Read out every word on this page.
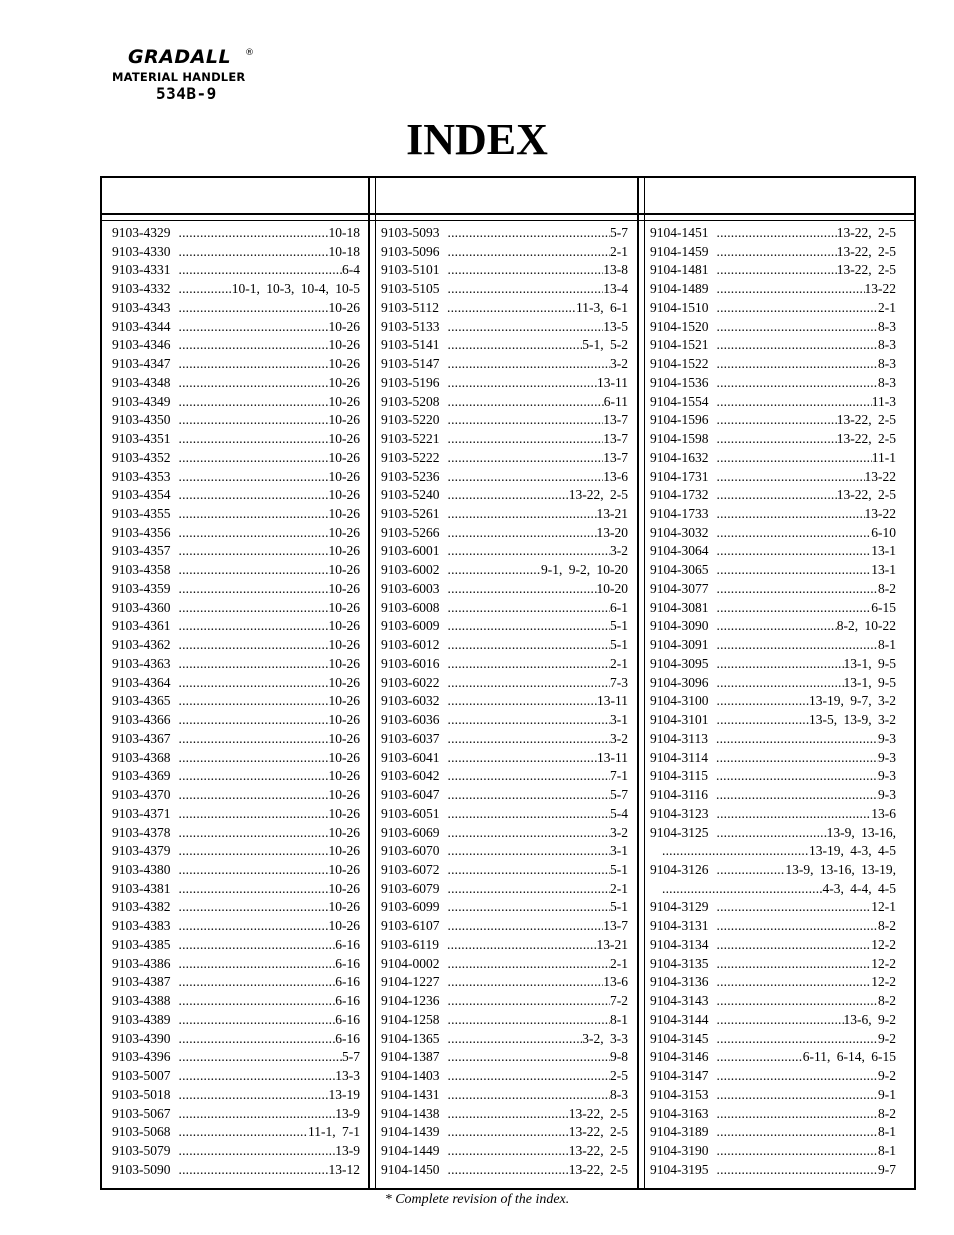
GRADALL ®
MATERIAL HANDLER
534B-9
INDEX
9103-4329 .....	10-18
9103-4330 .....	10-18
9103-4331 .....	6-4
9103-4332 .....	10-1, 10-3, 10-4, 10-5
9103-4343 .....	10-26
9103-4344 .....	10-26
9103-4346 .....	10-26
9103-4347 .....	10-26
9103-4348 .....	10-26
9103-4349 .....	10-26
9103-4350 .....	10-26
9103-4351 .....	10-26
9103-4352 .....	10-26
9103-4353 .....	10-26
9103-4354 .....	10-26
9103-4355 .....	10-26
9103-4356 .....	10-26
9103-4357 .....	10-26
9103-4358 .....	10-26
9103-4359 .....	10-26
9103-4360 .....	10-26
9103-4361 .....	10-26
9103-4362 .....	10-26
9103-4363 .....	10-26
9103-4364 .....	10-26
9103-4365 .....	10-26
9103-4366 .....	10-26
9103-4367 .....	10-26
9103-4368 .....	10-26
9103-4369 .....	10-26
9103-4370 .....	10-26
9103-4371 .....	10-26
9103-4378 .....	10-26
9103-4379 .....	10-26
9103-4380 .....	10-26
9103-4381 .....	10-26
9103-4382 .....	10-26
9103-4383 .....	10-26
9103-4385 .....	6-16
9103-4386 .....	6-16
9103-4387 .....	6-16
9103-4388 .....	6-16
9103-4389 .....	6-16
9103-4390 .....	6-16
9103-4396 .....	5-7
9103-5007 .....	13-3
9103-5018 .....	13-19
9103-5067 .....	13-9
9103-5068 .....	11-1, 7-1
9103-5079 .....	13-9
9103-5090 .....	13-12
9103-5093 .....	5-7
9103-5096 .....	2-1
9103-5101 .....	13-8
9103-5105 .....	13-4
9103-5112 .....	11-3, 6-1
9103-5133 .....	13-5
9103-5141 .....	5-1, 5-2
9103-5147 .....	3-2
9103-5196 .....	13-11
9103-5208 .....	6-11
9103-5220 .....	13-7
9103-5221 .....	13-7
9103-5222 .....	13-7
9103-5236 .....	13-6
9103-5240 .....	13-22, 2-5
9103-5261 .....	13-21
9103-5266 .....	13-20
9103-6001 .....	3-2
9103-6002 .....	9-1, 9-2, 10-20
9103-6003 .....	10-20
9103-6008 .....	6-1
9103-6009 .....	5-1
9103-6012 .....	5-1
9103-6016 .....	2-1
9103-6022 .....	7-3
9103-6032 .....	13-11
9103-6036 .....	3-1
9103-6037 .....	3-2
9103-6041 .....	13-11
9103-6042 .....	7-1
9103-6047 .....	5-7
9103-6051 .....	5-4
9103-6069 .....	3-2
9103-6070 .....	3-1
9103-6072 .....	5-1
9103-6079 .....	2-1
9103-6099 .....	5-1
9103-6107 .....	13-7
9103-6119 .....	13-21
9104-0002 .....	2-1
9104-1227 .....	13-6
9104-1236 .....	7-2
9104-1258 .....	8-1
9104-1365 .....	3-2, 3-3
9104-1387 .....	9-8
9104-1403 .....	2-5
9104-1431 .....	8-3
9104-1438 .....	13-22, 2-5
9104-1439 .....	13-22, 2-5
9104-1449 .....	13-22, 2-5
9104-1450 .....	13-22, 2-5
9104-1451 .....	13-22, 2-5
9104-1459 .....	13-22, 2-5
9104-1481 .....	13-22, 2-5
9104-1489 .....	13-22
9104-1510 .....	2-1
9104-1520 .....	8-3
9104-1521 .....	8-3
9104-1522 .....	8-3
9104-1536 .....	8-3
9104-1554 .....	11-3
9104-1596 .....	13-22, 2-5
9104-1598 .....	13-22, 2-5
9104-1632 .....	11-1
9104-1731 .....	13-22
9104-1732 .....	13-22, 2-5
9104-1733 .....	13-22
9104-3032 .....	6-10
9104-3064 .....	13-1
9104-3065 .....	13-1
9104-3077 .....	8-2
9104-3081 .....	6-15
9104-3090 .....	8-2, 10-22
9104-3091 .....	8-1
9104-3095 .....	13-1, 9-5
9104-3096 .....	13-1, 9-5
9104-3100 .....	13-19, 9-7, 3-2
9104-3101 .....	13-5, 13-9, 3-2
9104-3113 .....	9-3
9104-3114 .....	9-3
9104-3115 .....	9-3
9104-3116 .....	9-3
9104-3123 .....	13-6
9104-3125 .....	13-9, 13-16,
.....
13-19, 4-3, 4-5
9104-3126 .....	13-9, 13-16, 13-19,
.....
4-3, 4-4, 4-5
9104-3129 .....	12-1
9104-3131 .....	8-2
9104-3134 .....	12-2
9104-3135 .....	12-2
9104-3136 .....	12-2
9104-3143 .....	8-2
9104-3144 .....	13-6, 9-2
9104-3145 .....	9-2
9104-3146 .....	6-11, 6-14, 6-15
9104-3147 .....	9-2
9104-3153 .....	9-1
9104-3163 .....	8-2
9104-3189 .....	8-1
9104-3190 .....	8-1
9104-3195 .....	9-7
* Complete revision of the index.
